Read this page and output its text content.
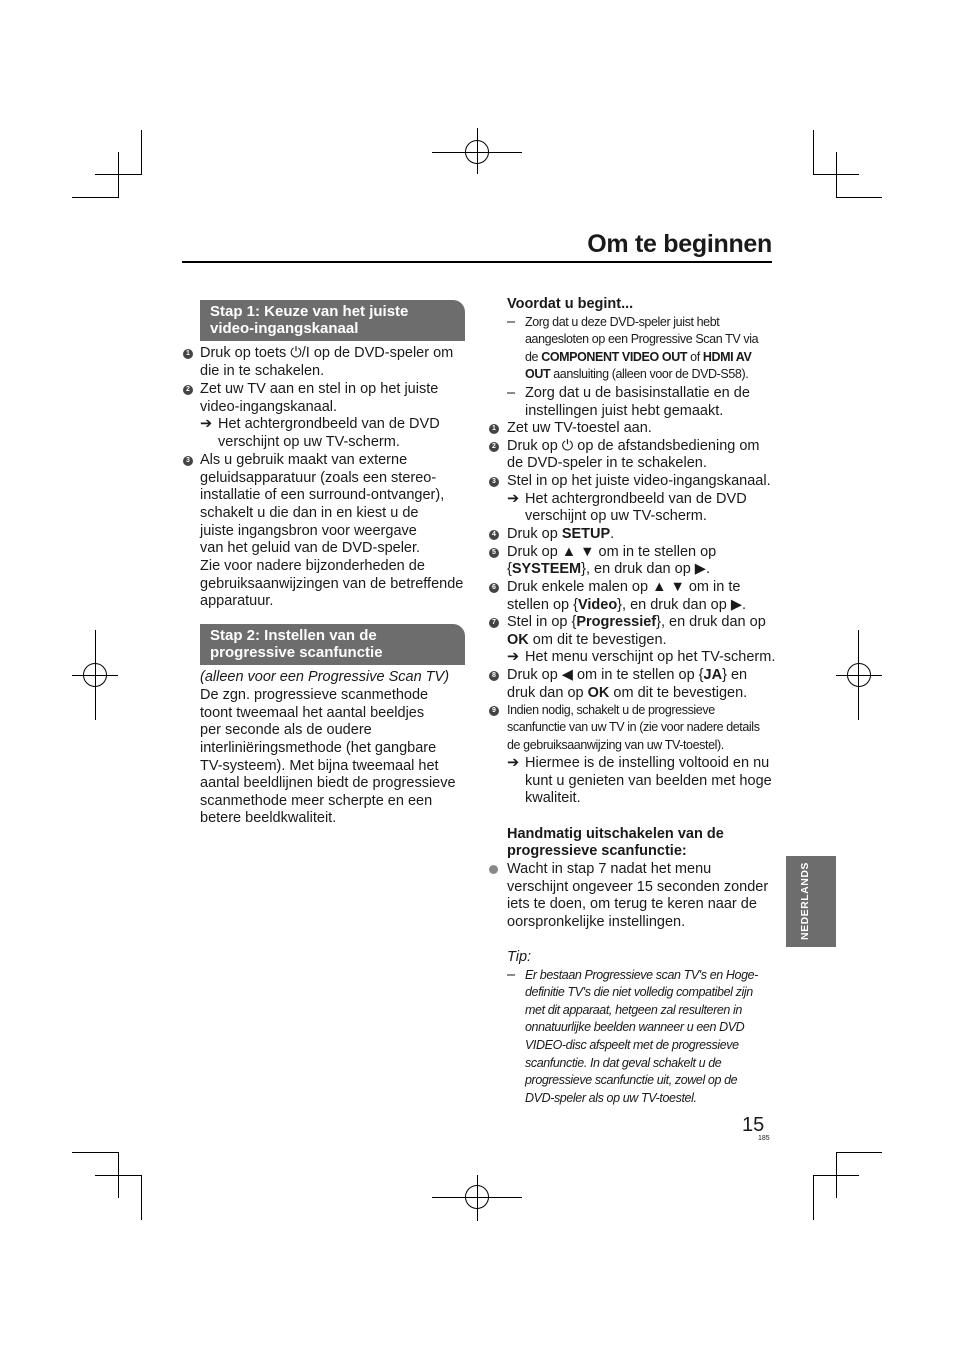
Om te beginnen
Stap 1: Keuze van het juiste
video-ingangskanaal
1 Druk op toets ⏻/I op de DVD-speler om
die in te schakelen.
2 Zet uw TV aan en stel in op het juiste
video-ingangskanaal.
➔ Het achtergrondbeeld van de DVD
verschijnt op uw TV-scherm.
3 Als u gebruik maakt van externe
geluidsapparatuur (zoals een stereo-
installatie of een surround-ontvanger),
schakelt u die dan in en kiest u de
juiste ingangsbron voor weergave
van het geluid van de DVD-speler.
Zie voor nadere bijzonderheden de
gebruiksaanwijzingen van de betreffende
apparatuur.
Stap 2: Instellen van de
progressive scanfunctie
(alleen voor een Progressive Scan TV)
De zgn. progressieve scanmethode
toont tweemaal het aantal beeldjes
per seconde als de oudere
interliniëringsmethode (het gangbare
TV-systeem). Met bijna tweemaal het
aantal beeldlijnen biedt de progressieve
scanmethode meer scherpte en een
betere beeldkwaliteit.
Voordat u begint...
– Zorg dat u deze DVD-speler juist hebt
aangesloten op een Progressive Scan TV via
de COMPONENT VIDEO OUT of HDMI AV
OUT aansluiting (alleen voor de DVD-S58).
– Zorg dat u de basisinstallatie en de
instellingen juist hebt gemaakt.
1 Zet uw TV-toestel aan.
2 Druk op ⏻ op de afstandsbediening om
de DVD-speler in te schakelen.
3 Stel in op het juiste video-ingangskanaal.
➔ Het achtergrondbeeld van de DVD
verschijnt op uw TV-scherm.
4 Druk op SETUP.
5 Druk op ▲ ▼ om in te stellen op
{SYSTEEM}, en druk dan op ▶.
6 Druk enkele malen op ▲ ▼ om in te
stellen op {Video}, en druk dan op ▶.
7 Stel in op {Progressief}, en druk dan op
OK om dit te bevestigen.
➔ Het menu verschijnt op het TV-scherm.
8 Druk op ◀ om in te stellen op {JA} en
druk dan op OK om dit te bevestigen.
9 Indien nodig, schakelt u de progressieve
scanfunctie van uw TV in (zie voor nadere details
de gebruiksaanwijzing van uw TV-toestel).
➔ Hiermee is de instelling voltooid en nu
kunt u genieten van beelden met hoge
kwaliteit.
Handmatig uitschakelen van de
progressieve scanfunctie:
Wacht in stap 7 nadat het menu
verschijnt ongeveer 15 seconden zonder
iets te doen, om terug te keren naar de
oorspronkelijke instellingen.
Tip:
– Er bestaan Progressieve scan TV's en Hoge-
definitie TV's die niet volledig compatibel zijn
met dit apparaat, hetgeen zal resulteren in
onnatuurlijke beelden wanneer u een DVD
VIDEO-disc afspeelt met de progressieve
scanfunctie. In dat geval schakelt u de
progressieve scanfunctie uit, zowel op de
DVD-speler als op uw TV-toestel.
NEDERLANDS
15
185
